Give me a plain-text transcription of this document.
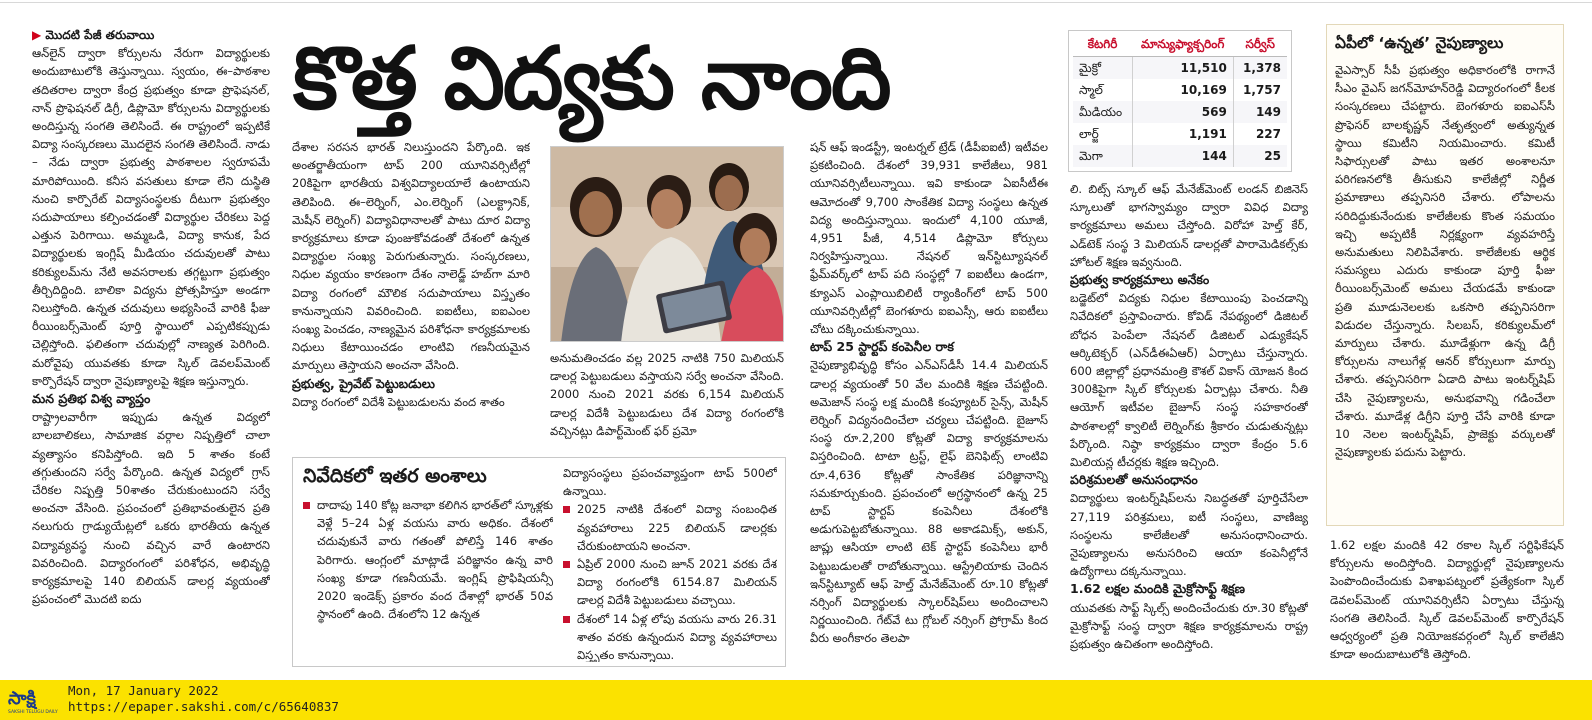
▶ మొదటి పేజీ తరువాయి

ఆన్‌లైన్‌ ద్వారా కోర్సులను నేరుగా విద్యార్థులకు అందుబాటులోకి తెస్తున్నాయి. స్వయం, ఈ–పాఠశాల తదితరాల ద్వారా కేంద్ర ప్రభుత్వం కూడా ప్రొఫెషనల్, నాన్‌ ప్రొఫెషనల్‌ డిగ్రీ, డిప్లొమో కోర్సులను విద్యార్థులకు అందిస్తున్న సంగతి తెలిసిందే. ఈ రాష్ట్రంలో ఇప్పటికే విద్యా సంస్కరణలు మొదలైన సంగతి తెలిసిందే. నాడు – నేడు ద్వారా ప్రభుత్వ పాఠశాలల స్వరూపమే మారిపోయింది. కనీస వసతులు కూడా లేని దుస్థితి నుంచి కార్పొరేట్‌ విద్యాసంస్థలకు దీటుగా ప్రభుత్వం సదుపాయాలు కల్పించడంతో విద్యార్థుల చేరికలు పెద్ద ఎత్తున పెరిగాయి. అమ్మఒడి, విద్యా కానుక, పేద విద్యార్థులకు ఇంగ్లిష్‌ మీడియం చదువులతో పాటు కరిక్యులమ్‌ను నేటి అవసరాలకు తగ్గట్టుగా ప్రభుత్వం తీర్చిదిద్దింది. బాలికా విద్యను ప్రోత్సహిస్తూ అండగా నిలుస్తోంది. ఉన్నత చదువులు అభ్యసించే వారికి ఫీజు రీయింబర్స్‌మెంట్‌ పూర్తి స్థాయిలో ఎప్పటికప్పుడు చెల్లిస్తోంది. ఫలితంగా చదువుల్లో నాణ్యత పెరిగింది. మరోవైపు యువతకు కూడా స్కిల్‌ డెవలప్‌మెంట్‌ కార్పొరేషన్‌ ద్వారా నైపుణ్యాలపై శిక్షణ ఇస్తున్నారు.

మన ప్రతిభ విశ్వ వ్యాప్తం

రాష్ట్రాలవారీగా ఇప్పుడు ఉన్నత విద్యలో బాలబాలికలు, సామాజిక వర్గాల నిష్పత్తిలో చాలా వ్యత్యాసం కనిపిస్తోంది. ఇది 5 శాతం కంటే తగ్గుతుందని సర్వే పేర్కొంది. ఉన్నత విద్యలో గ్రాస్‌ చేరికల నిష్పత్తి 50శాతం చేరుకుంటుందని సర్వే అంచనా వేసింది. ప్రపంచంలో ప్రతిభావంతులైన ప్రతి నలుగురు గ్రాడ్యుయేట్లలో ఒకరు భారతీయ ఉన్నత విద్యావ్యవస్థ నుంచి వచ్చిన వారే ఉంటారని వివరించింది. విద్యారంగంలో పరిశోధన, అభివృద్ధి కార్యక్రమాలపై 140 బిలియన్‌ డాలర్ల వ్యయంతో ప్రపంచంలో మొదటి ఐదు

కొత్త విద్యకు నాంది

దేశాల సరసన భారత్‌ నిలుస్తుందని పేర్కొంది. ఇక అంతర్జాతీయంగా టాప్‌ 200 యూనివర్సిటీల్లో 20కిపైగా భారతీయ విశ్వవిద్యాలయాలే ఉంటాయని తెలిపింది. ఈ–లెర్నింగ్, ఎం.లెర్నింగ్‌ (ఎలక్ట్రానిక్, మెషీన్‌ లెర్నింగ్‌) విద్యావిధానాలతో పాటు దూర విద్యా కార్యక్రమాలు కూడా పుంజుకోవడంతో దేశంలో ఉన్నత విద్యార్థుల సంఖ్య పెరుగుతున్నారు. సంస్కరణలు, నిధుల వ్యయం కారణంగా దేశం నాలెడ్జ్‌ హబ్‌గా మారి విద్యా రంగంలో మౌలిక సదుపాయాలు విస్తృతం కానున్నాయని వివరించింది. ఐఐటీలు, ఐఐఎంల సంఖ్య పెంచడం, నాణ్యమైన పరిశోధనా కార్యక్రమాలకు నిధులు కేటాయించడం లాంటివి గణనీయమైన మార్పులు తెస్తాయని అంచనా వేసింది.

ప్రభుత్వ, ప్రైవేట్‌ పెట్టుబడులు

విద్యా రంగంలో విదేశీ పెట్టుబడులను వంద శాతం

అనుమతించడం వల్ల 2025 నాటికి 750 మిలియన్‌ డాలర్ల పెట్టుబడులు వస్తాయని సర్వే అంచనా వేసింది. 2000 నుంచి 2021 వరకు 6,154 మిలియన్‌ డాలర్ల విదేశీ పెట్టుబడులు దేశ విద్యా రంగంలోకి వచ్చినట్లు డిపార్ట్‌మెంట్‌ ఫర్‌ ప్రమో

నివేదికలో ఇతర అంశాలు
దాదాపు 140 కోట్ల జనాభా కలిగిన భారత్‌లో స్కూళ్లకు వెళ్లే 5–24 ఏళ్ల వయసు వారు అధికం. దేశంలో చదువుకునే వారు గతంతో పోలిస్తే 146 శాతం పెరిగారు. ఆంగ్లంలో మాట్లాడే పరిజ్ఞానం ఉన్న వారి సంఖ్య కూడా గణనీయమే. ఇంగ్లిష్‌ ప్రొఫిషియన్సీ 2020 ఇండెక్స్‌ ప్రకారం వంద దేశాల్లో భారత్‌ 50వ స్థానంలో ఉంది. దేశంలోని 12 ఉన్నత

విద్యాసంస్థలు ప్రపంచవ్యాప్తంగా టాప్‌ 500లో ఉన్నాయి.

2025 నాటికి దేశంలో విద్యా సంబంధిత వ్యవహారాలు 225 బిలియన్‌ డాలర్లకు చేరుకుంటాయని అంచనా.
ఏప్రిల్‌ 2000 నుంచి జూన్‌ 2021 వరకు దేశ విద్యా రంగంలోకి 6154.87 మిలియన్‌ డాలర్ల విదేశీ పెట్టుబడులు వచ్చాయి.
దేశంలో 14 ఏళ్ల లోపు వయసు వారు 26.31 శాతం వరకు ఉన్నందున విద్యా వ్యవహారాలు విస్తృతం కానున్నాయి.

షన్‌ ఆఫ్‌ ఇండస్ట్రీ, ఇంటర్నల్‌ ట్రేడ్‌ (డీపీఐఐటీ) ఇటీవల ప్రకటించింది. దేశంలో 39,931 కాలేజీలు, 981 యూనివర్సిటీలున్నాయి. ఇవి కాకుండా ఏఐసీటీఈ ఆమోదంతో 9,700 సాంకేతిక విద్యా సంస్థలు ఉన్నత విద్య అందిస్తున్నాయి. ఇందులో 4,100 యూజీ, 4,951 పీజీ, 4,514 డిప్లొమో కోర్సులు నిర్వహిస్తున్నాయి. నేషనల్‌ ఇన్‌స్టిట్యూషనల్‌ ఫ్రేమ్‌వర్క్‌లో టాప్‌ పది సంస్థల్లో 7 ఐఐటీలు ఉండగా, క్యూఎస్‌ ఎంప్లాయిబిలిటీ ర్యాంకింగ్‌లో టాప్‌ 500 యూనివర్సిటీల్లో బెంగళూరు ఐఐఎస్సీ, ఆరు ఐఐటీలు చోటు దక్కించుకున్నాయి.

టాప్‌ 25 స్టార్టప్‌ కంపెనీల రాక

నైపుణ్యాభివృద్ధి కోసం ఎన్‌ఎస్‌డీసీ 14.4 మిలియన్‌ డాలర్ల వ్యయంతో 50 వేల మందికి శిక్షణ చేపట్టింది. అమెజాన్‌ సంస్థ లక్ష మందికి కంప్యూటర్‌ సైన్స్, మెషీన్‌ లెర్నింగ్‌ విద్యనందించేలా చర్యలు చేపట్టింది. బైజూస్‌ సంస్థ రూ.2,200 కోట్లతో విద్యా కార్యక్రమాలను విస్తరించింది. టాటా ట్రస్ట్‌, లైఫ్‌ బెనిఫిట్స్‌ లాంటివి రూ.4,636 కోట్లతో సాంకేతిక పరిజ్ఞానాన్ని సమకూర్చుకుంది. ప్రపంచంలో అగ్రస్థానంలో ఉన్న 25 టాప్‌ స్టార్టప్‌ కంపెనీలు దేశంలోకి అడుగుపెట్టబోతున్నాయి. 88 అకాడమిక్స్, అకున్, జాప్లు ఆసియా లాంటి టెక్‌ స్టార్టప్‌ కంపెనీలు భారీ పెట్టుబడులతో రాబోతున్నాయి. ఆస్ట్రేలియాకు చెందిన ఇన్‌స్టిట్యూట్‌ ఆఫ్‌ హెల్త్‌ మేనేజ్‌మెంట్‌ రూ.10 కోట్లతో నర్సింగ్‌ విద్యార్థులకు స్కాలర్‌షిప్‌లు అందించాలని నిర్ణయించింది. గేట్‌వే టు గ్లోబల్‌ నర్సింగ్‌ ప్రోగ్రామ్‌ కింద వీరు అంగీకారం తెలపా

కేటగిరీ	మాన్యుఫ్యాక్చరింగ్	సర్వీస్
మైక్రో	11,510	1,378
స్మాల్	10,169	1,757
మీడియం	569	149
లార్జ్	1,191	227
మెగా	144	25

లి. బిట్స్‌ స్కూల్‌ ఆఫ్‌ మేనేజ్‌మెంట్‌ లండన్‌ బిజినెస్‌ స్కూలుతో భాగస్వామ్యం ద్వారా వివిధ విద్యా కార్యక్రమాలు అమలు చేస్తోంది. విరోహా హెల్త్‌ కేర్‌, ఎడ్‌టెక్‌ సంస్థ 3 మిలియన్‌ డాలర్లతో పారామెడికల్స్‌కు హోటల్‌ శిక్షణ ఇవ్వనుంది.

ప్రభుత్వ కార్యక్రమాలు అనేకం

బడ్జెట్‌లో విద్యకు నిధుల కేటాయింపు పెంచడాన్ని నివేదికలో ప్రస్తావించారు. కోవిడ్‌ నేపథ్యంలో డిజిటల్‌ బోధన పెంపేలా నేషనల్‌ డిజిటల్‌ ఎడ్యుకేషన్‌ ఆర్కిటెక్చర్‌ (ఎన్‌డీఈఏఆర్‌) ఏర్పాటు చేస్తున్నారు. 600 జిల్లాల్లో ప్రధానమంత్రి కౌశల్‌ వికాస్‌ యోజన కింద 300కిపైగా స్కిల్‌ కోర్సులకు ఏర్పాట్లు చేశారు. నీతి ఆయోగ్‌ ఇటీవల బైజూస్‌ సంస్థ సహకారంతో పాఠశాలల్లో క్వాలిటీ లెర్నింగ్‌కు శ్రీకారం చుడుతున్నట్లు పేర్కొంది. నిష్ఠా కార్యక్రమం ద్వారా కేంద్రం 5.6 మిలియన్ల టీచర్లకు శిక్షణ ఇచ్చింది.

పరిశ్రమలతో అనుసంధానం

విద్యార్థులు ఇంటర్న్‌షిప్‌లను నిబద్ధతతో పూర్తిచేసేలా 27,119 పరిశ్రమలు, ఐటీ సంస్థలు, వాణిజ్య సంస్థలను కాలేజీలతో అనుసంధానించారు. నైపుణ్యాలను అనుసరించి ఆయా కంపెనీల్లోనే ఉద్యోగాలు దక్కనున్నాయి.

1.62 లక్షల మందికి మైక్రోసాఫ్ట్‌ శిక్షణ

యువతకు సాఫ్ట్‌ స్కిల్స్‌ అందించేందుకు రూ.30 కోట్లతో మైక్రోసాఫ్ట్‌ సంస్థ ద్వారా శిక్షణ కార్యక్రమాలను రాష్ట్ర ప్రభుత్వం ఉచితంగా అందిస్తోంది.

ఏపీలో ‘ఉన్నత’ నైపుణ్యాలు

వైఎస్సార్‌ సీపీ ప్రభుత్వం అధికారంలోకి రాగానే సీఎం వైఎస్‌ జగన్‌మోహన్‌రెడ్డి విద్యారంగంలో కీలక సంస్కరణలు చేపట్టారు. బెంగళూరు ఐఐఎస్‌సీ ప్రొఫెసర్‌ బాలకృష్ణన్‌ నేతృత్వంలో అత్యున్నత స్థాయి కమిటీని నియమించారు. కమిటీ సిఫార్సులతో పాటు ఇతర అంశాలనూ పరిగణనలోకి తీసుకుని కాలేజీల్లో నిర్ణీత ప్రమాణాలు తప్పనిసరి చేశారు. లోపాలను సరిదిద్దుకునేందుకు కాలేజీలకు కొంత సమయం ఇచ్చి అప్పటికీ నిర్లక్ష్యంగా వ్యవహరిస్తే అనుమతులు నిలిపివేశారు. కాలేజీలకు ఆర్థిక సమస్యలు ఎదురు కాకుండా పూర్తి ఫీజు రీయింబర్స్‌మెంట్‌ అమలు చేయడమే కాకుండా ప్రతి మూడునెలలకు ఒకసారి తప్పనిసరిగా విడుదల చేస్తున్నారు. సిలబస్, కరిక్యులమ్‌లో మార్పులు చేశారు. మూడేళ్లుగా ఉన్న డిగ్రీ కోర్సులను నాలుగేళ్ల ఆనర్‌ కోర్సులుగా మార్పు చేశారు. తప్పనిసరిగా ఏడాది పాటు ఇంటర్న్‌షిప్‌ చేసి నైపుణ్యాలను, అనుభవాన్ని గడించేలా చేశారు. మూడేళ్ల డిగ్రీని పూర్తి చేసే వారికి కూడా 10 నెలల ఇంటర్న్‌షిప్, ప్రాజెక్టు వర్కులతో నైపుణ్యాలకు పదును పెట్టారు.

1.62 లక్షల మందికి 42 రకాల స్కిల్‌ సర్టిఫికేషన్‌ కోర్సులను అందిస్తోంది. విద్యార్థుల్లో నైపుణ్యాలను పెంపొందించేందుకు విశాఖపట్నంలో ప్రత్యేకంగా స్కిల్‌ డెవలప్‌మెంట్‌ యూనివర్సిటీని ఏర్పాటు చేస్తున్న సంగతి తెలిసిందే. స్కిల్‌ డెవలప్‌మెంట్‌ కార్పొరేషన్‌ ఆధ్వర్యంలో ప్రతి నియోజకవర్గంలో స్కిల్‌ కాలేజీని కూడా అందుబాటులోకి తెస్తోంది.

సాక్షి
SAKSHI TELUGU DAILY
Mon, 17 January 2022
https://epaper.sakshi.com/c/65640837
